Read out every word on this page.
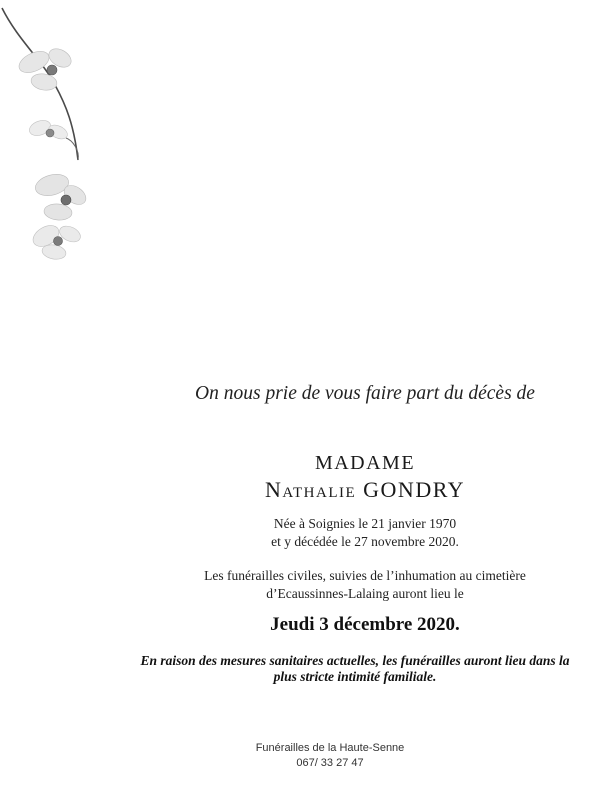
On nous prie de vous faire part du décès de
MADAME
Nathalie GONDRY
Née à Soignies le 21 janvier 1970
et y décédée le 27 novembre 2020.
Les funérailles civiles, suivies de l’inhumation au cimetière
d’Ecaussinnes-Lalaing auront lieu le
Jeudi 3 décembre 2020.
En raison des mesures sanitaires actuelles, les funérailles auront lieu dans la
plus stricte intimité familiale.
Funérailles de la Haute-Senne
067/ 33 27 47
